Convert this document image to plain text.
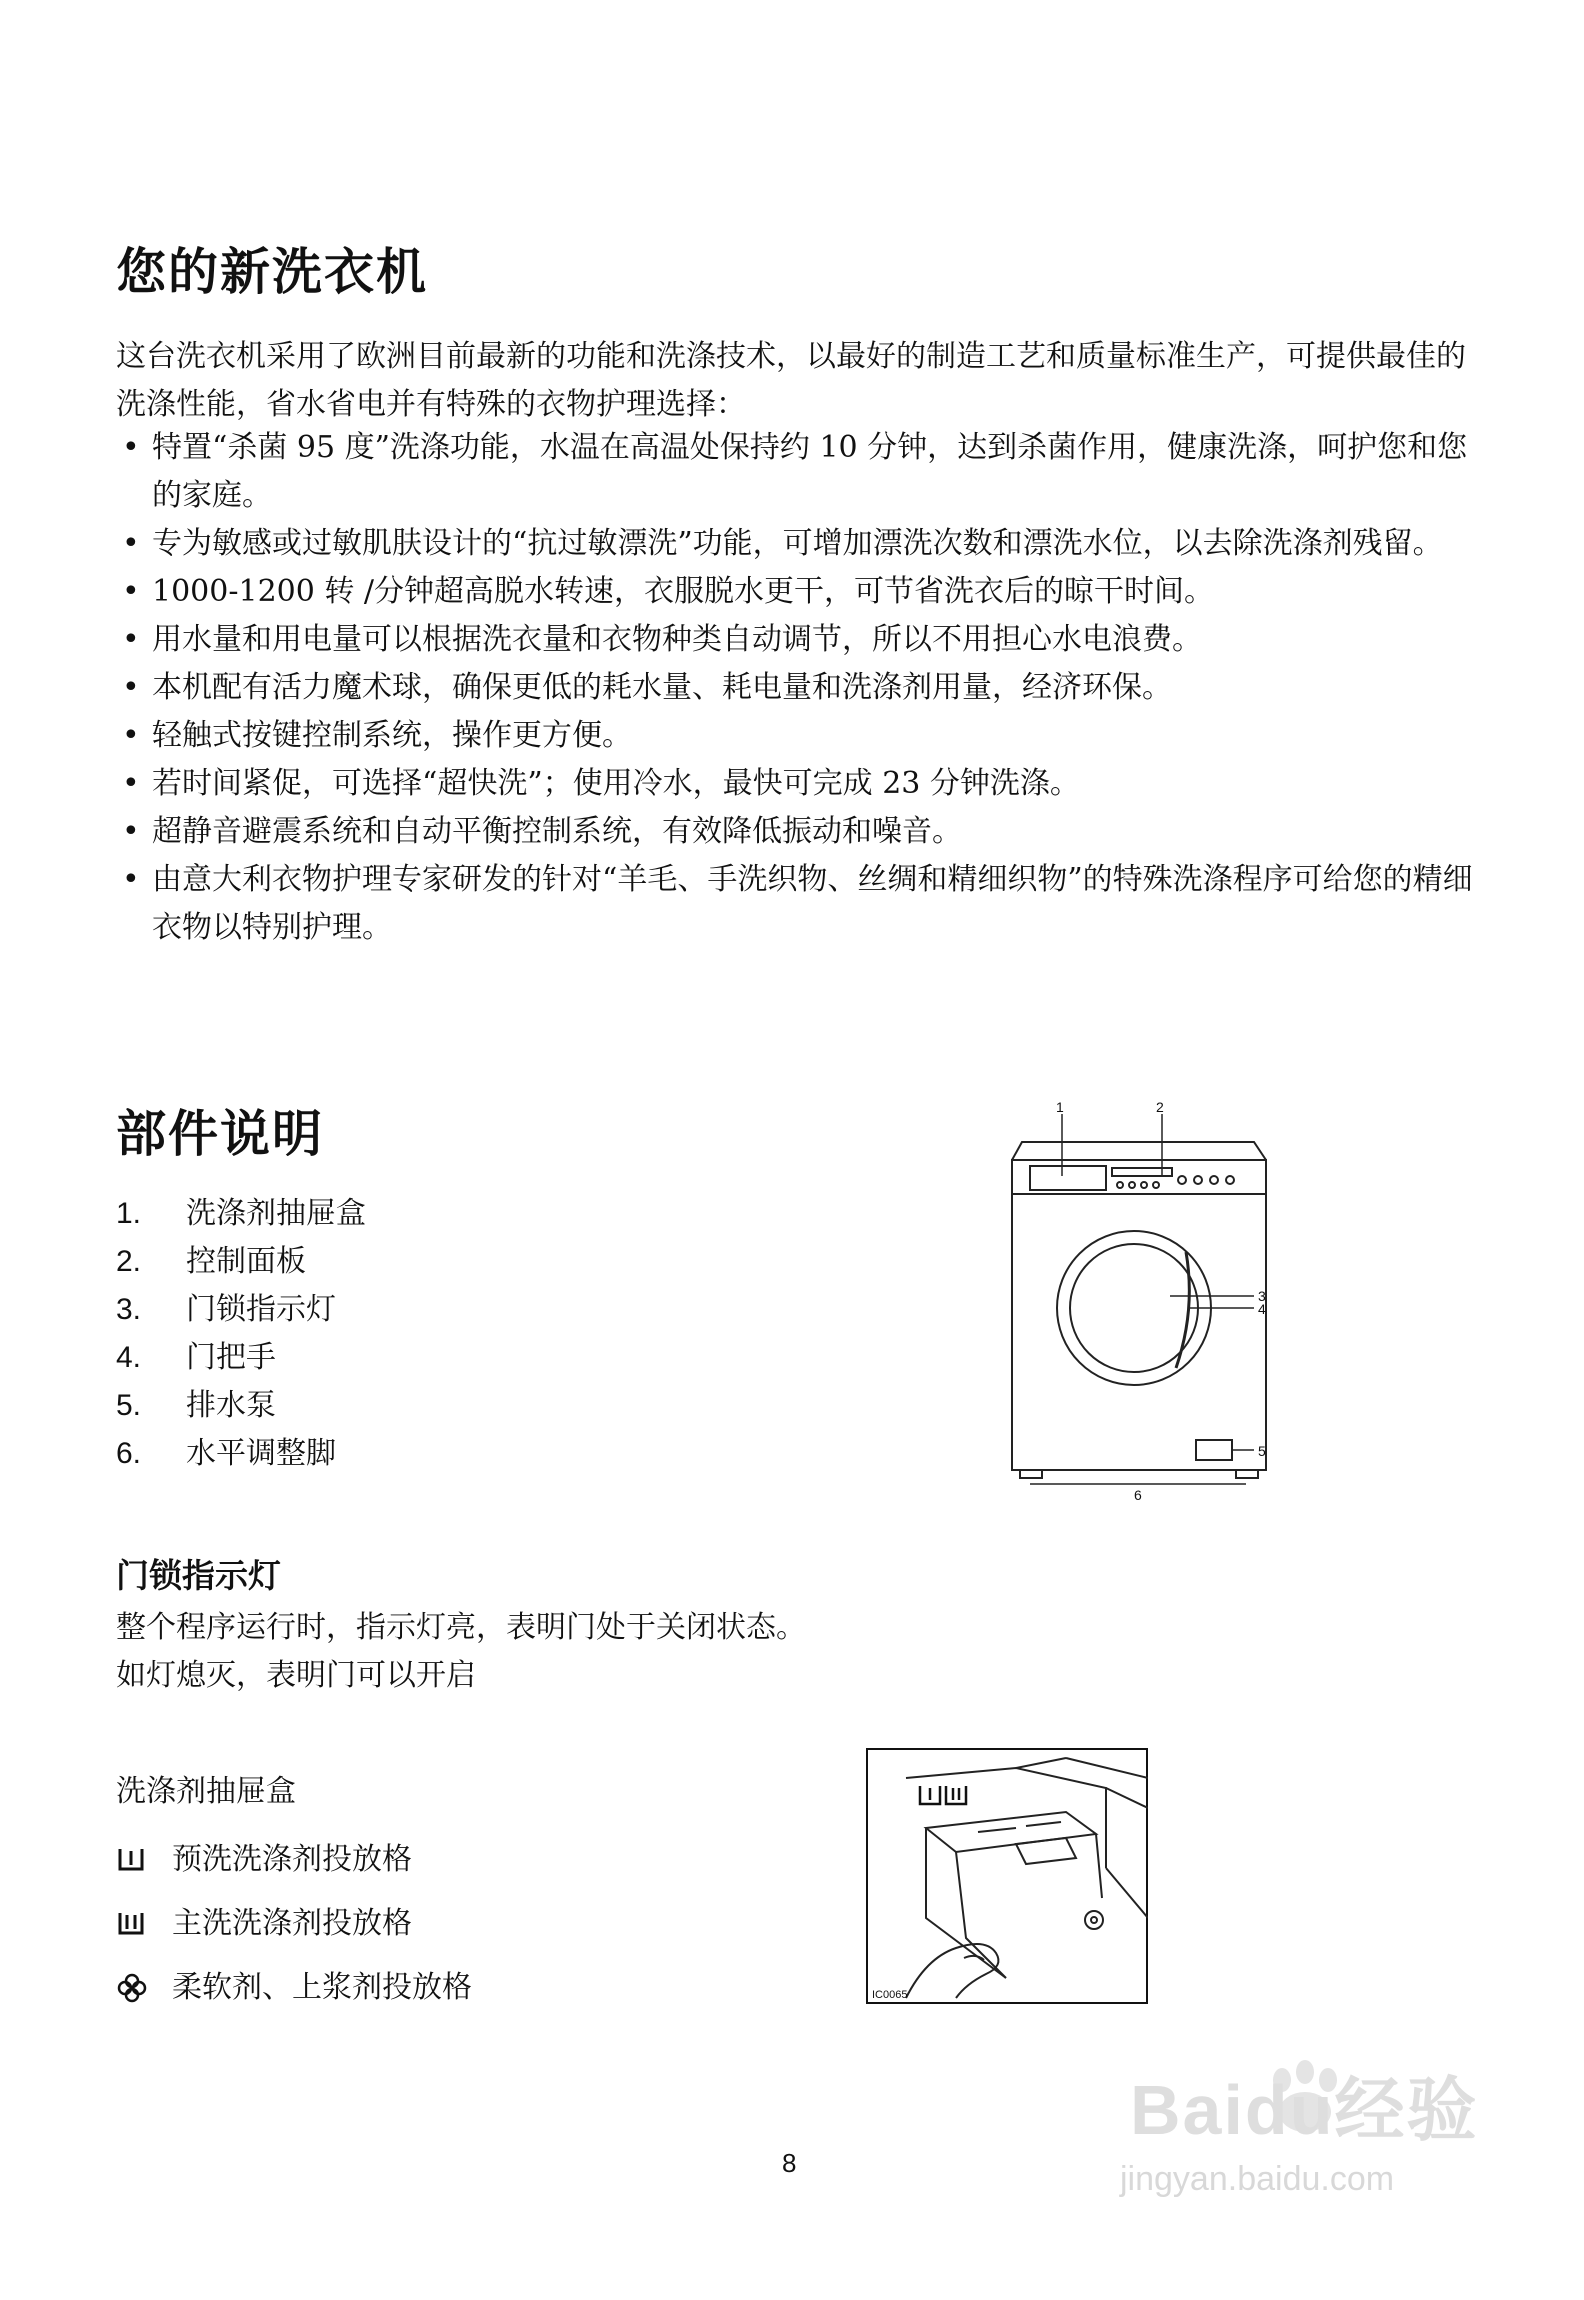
您的新洗衣机
这台洗衣机采用了欧洲目前最新的功能和洗涤技术，以最好的制造工艺和质量标准生产，可提供最佳的洗涤性能，省水省电并有特殊的衣物护理选择：
• 特置“杀菌 95 度”洗涤功能，水温在高温处保持约 10 分钟，达到杀菌作用，健康洗涤，呵护您和您的家庭。
• 专为敏感或过敏肌肤设计的“抗过敏漂洗”功能，可增加漂洗次数和漂洗水位，以去除洗涤剂残留。
• 1000-1200 转 /分钟超高脱水转速，衣服脱水更干，可节省洗衣后的晾干时间。
• 用水量和用电量可以根据洗衣量和衣物种类自动调节，所以不用担心水电浪费。
• 本机配有活力魔术球，确保更低的耗水量、耗电量和洗涤剂用量，经济环保。
• 轻触式按键控制系统，操作更方便。
• 若时间紧促，可选择“超快洗”；使用冷水，最快可完成 23 分钟洗涤。
• 超静音避震系统和自动平衡控制系统，有效降低振动和噪音。
• 由意大利衣物护理专家研发的针对“羊毛、手洗织物、丝绸和精细织物”的特殊洗涤程序可给您的精细衣物以特别护理。
部件说明
1. 洗涤剂抽屉盒
2. 控制面板
3. 门锁指示灯
4. 门把手
5. 排水泵
6. 水平调整脚
1	2
3
4
5
6
门锁指示灯
整个程序运行时，指示灯亮，表明门处于关闭状态。
如灯熄灭，表明门可以开启
洗涤剂抽屉盒
预洗洗涤剂投放格
主洗洗涤剂投放格
柔软剂、上浆剂投放格	IC0065
8
Baidu经验
jingyan.baidu.com
